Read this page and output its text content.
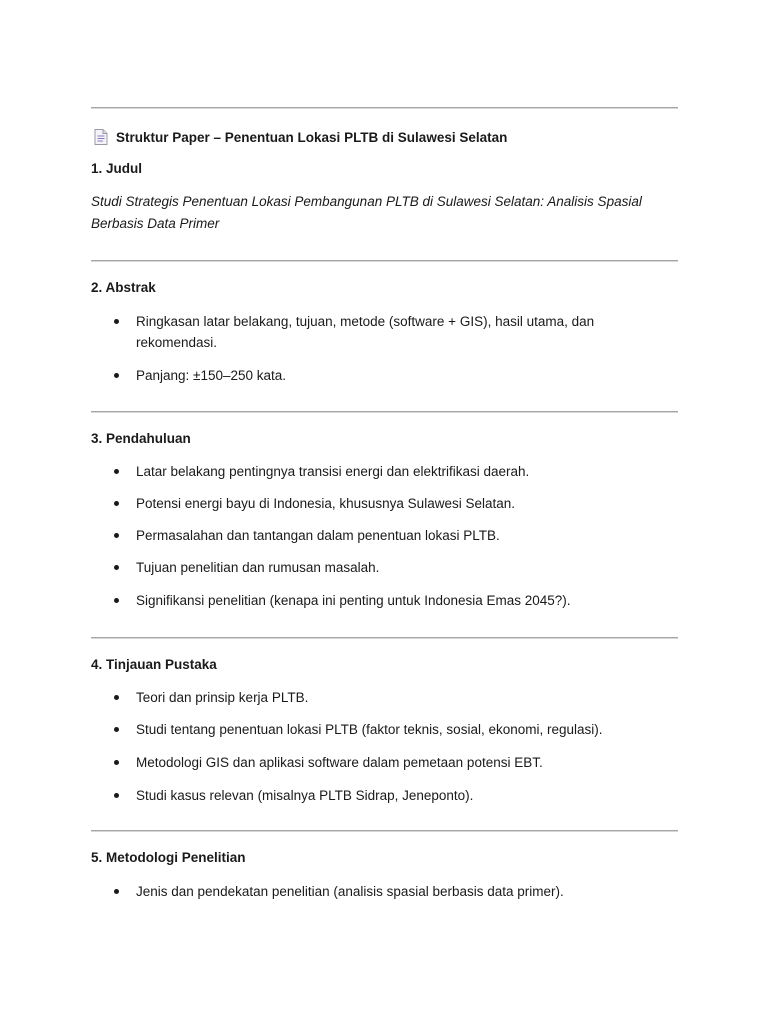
Struktur Paper – Penentuan Lokasi PLTB di Sulawesi Selatan
1. Judul
Studi Strategis Penentuan Lokasi Pembangunan PLTB di Sulawesi Selatan: Analisis Spasial Berbasis Data Primer
2. Abstrak
Ringkasan latar belakang, tujuan, metode (software + GIS), hasil utama, dan rekomendasi.
Panjang: ±150–250 kata.
3. Pendahuluan
Latar belakang pentingnya transisi energi dan elektrifikasi daerah.
Potensi energi bayu di Indonesia, khususnya Sulawesi Selatan.
Permasalahan dan tantangan dalam penentuan lokasi PLTB.
Tujuan penelitian dan rumusan masalah.
Signifikansi penelitian (kenapa ini penting untuk Indonesia Emas 2045?).
4. Tinjauan Pustaka
Teori dan prinsip kerja PLTB.
Studi tentang penentuan lokasi PLTB (faktor teknis, sosial, ekonomi, regulasi).
Metodologi GIS dan aplikasi software dalam pemetaan potensi EBT.
Studi kasus relevan (misalnya PLTB Sidrap, Jeneponto).
5. Metodologi Penelitian
Jenis dan pendekatan penelitian (analisis spasial berbasis data primer).
